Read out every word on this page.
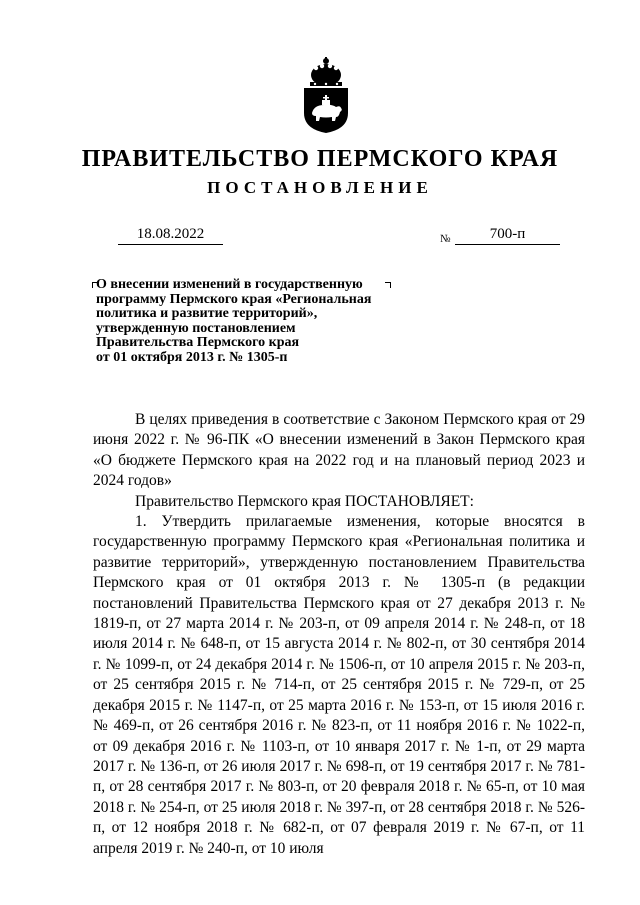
ПРАВИТЕЛЬСТВО ПЕРМСКОГО КРАЯ
ПОСТАНОВЛЕНИЕ
18.08.2022	№	700-п
О внесении изменений в государственную
программу Пермского края «Региональная
политика и развитие территорий»,
утвержденную постановлением
Правительства Пермского края
от 01 октября 2013 г. № 1305-п

В целях приведения в соответствие с Законом Пермского края от 29 июня 2022 г. № 96-ПК «О внесении изменений в Закон Пермского края «О бюджете Пермского края на 2022 год и на плановый период 2023 и 2024 годов»

Правительство Пермского края ПОСТАНОВЛЯЕТ:

1. Утвердить прилагаемые изменения, которые вносятся в государственную программу Пермского края «Региональная политика и развитие территорий», утвержденную постановлением Правительства Пермского края от 01 октября 2013 г. № 1305-п (в редакции постановлений Правительства Пермского края от 27 декабря 2013 г. № 1819-п, от 27 марта 2014 г. № 203-п, от 09 апреля 2014 г. № 248-п, от 18 июля 2014 г. № 648-п, от 15 августа 2014 г. № 802-п, от 30 сентября 2014 г. № 1099-п, от 24 декабря 2014 г. № 1506-п, от 10 апреля 2015 г. № 203-п, от 25 сентября 2015 г. № 714-п, от 25 сентября 2015 г. № 729-п, от 25 декабря 2015 г. № 1147-п, от 25 марта 2016 г. № 153-п, от 15 июля 2016 г. № 469-п, от 26 сентября 2016 г. № 823-п, от 11 ноября 2016 г. № 1022-п, от 09 декабря 2016 г. № 1103-п, от 10 января 2017 г. № 1-п, от 29 марта 2017 г. № 136-п, от 26 июля 2017 г. № 698-п, от 19 сентября 2017 г. № 781-п, от 28 сентября 2017 г. № 803-п, от 20 февраля 2018 г. № 65-п, от 10 мая 2018 г. № 254-п, от 25 июля 2018 г. № 397-п, от 28 сентября 2018 г. № 526-п, от 12 ноября 2018 г. № 682-п, от 07 февраля 2019 г. № 67-п, от 11 апреля 2019 г. № 240-п, от 10 июля
